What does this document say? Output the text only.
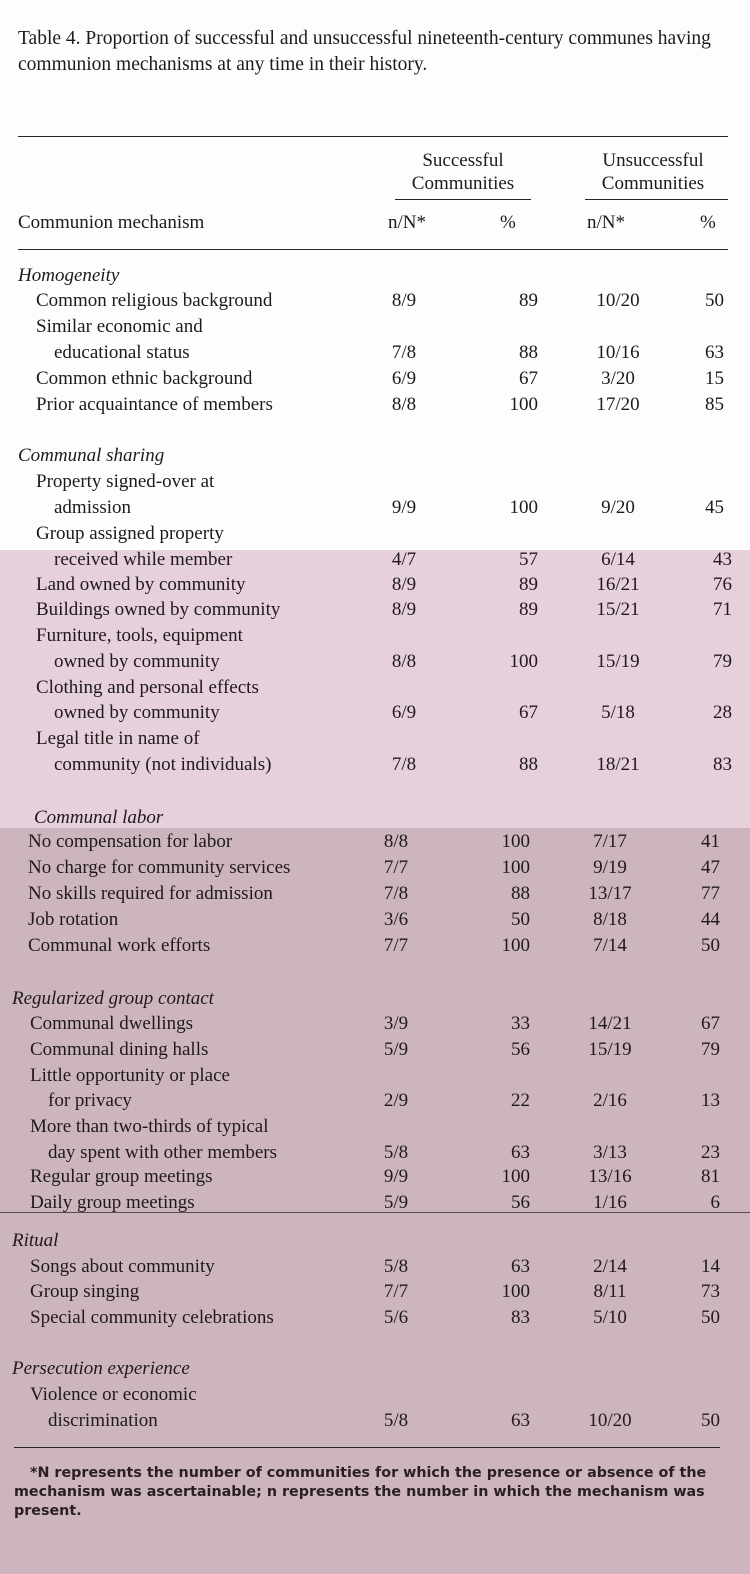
Table 4. Proportion of successful and unsuccessful nineteenth-century communes having communion mechanisms at any time in their history.
Successful
Communities
Unsuccessful
Communities
Communion mechanism	n/N*	%	n/N*	%
Homogeneity
Common religious background	8/9	89	10/20	50
Similar economic and
educational status	7/8	88	10/16	63
Common ethnic background	6/9	67	3/20	15
Prior acquaintance of members	8/8	100	17/20	85
Communal sharing
Property signed-over at
admission	9/9	100	9/20	45
Group assigned property
received while member	4/7	57	6/14	43
Land owned by community	8/9	89	16/21	76
Buildings owned by community	8/9	89	15/21	71
Furniture, tools, equipment
owned by community	8/8	100	15/19	79
Clothing and personal effects
owned by community	6/9	67	5/18	28
Legal title in name of
community (not individuals)	7/8	88	18/21	83
Communal labor
No compensation for labor	8/8	100	7/17	41
No charge for community services	7/7	100	9/19	47
No skills required for admission	7/8	88	13/17	77
Job rotation	3/6	50	8/18	44
Communal work efforts	7/7	100	7/14	50
Regularized group contact
Communal dwellings	3/9	33	14/21	67
Communal dining halls	5/9	56	15/19	79
Little opportunity or place
for privacy	2/9	22	2/16	13
More than two-thirds of typical
day spent with other members	5/8	63	3/13	23
Regular group meetings	9/9	100	13/16	81
Daily group meetings	5/9	56	1/16	6
Ritual
Songs about community	5/8	63	2/14	14
Group singing	7/7	100	8/11	73
Special community celebrations	5/6	83	5/10	50
Persecution experience
Violence or economic
discrimination	5/8	63	10/20	50
*N represents the number of communities for which the presence or absence of the mechanism was ascertainable; n represents the number in which the mechanism was present.
